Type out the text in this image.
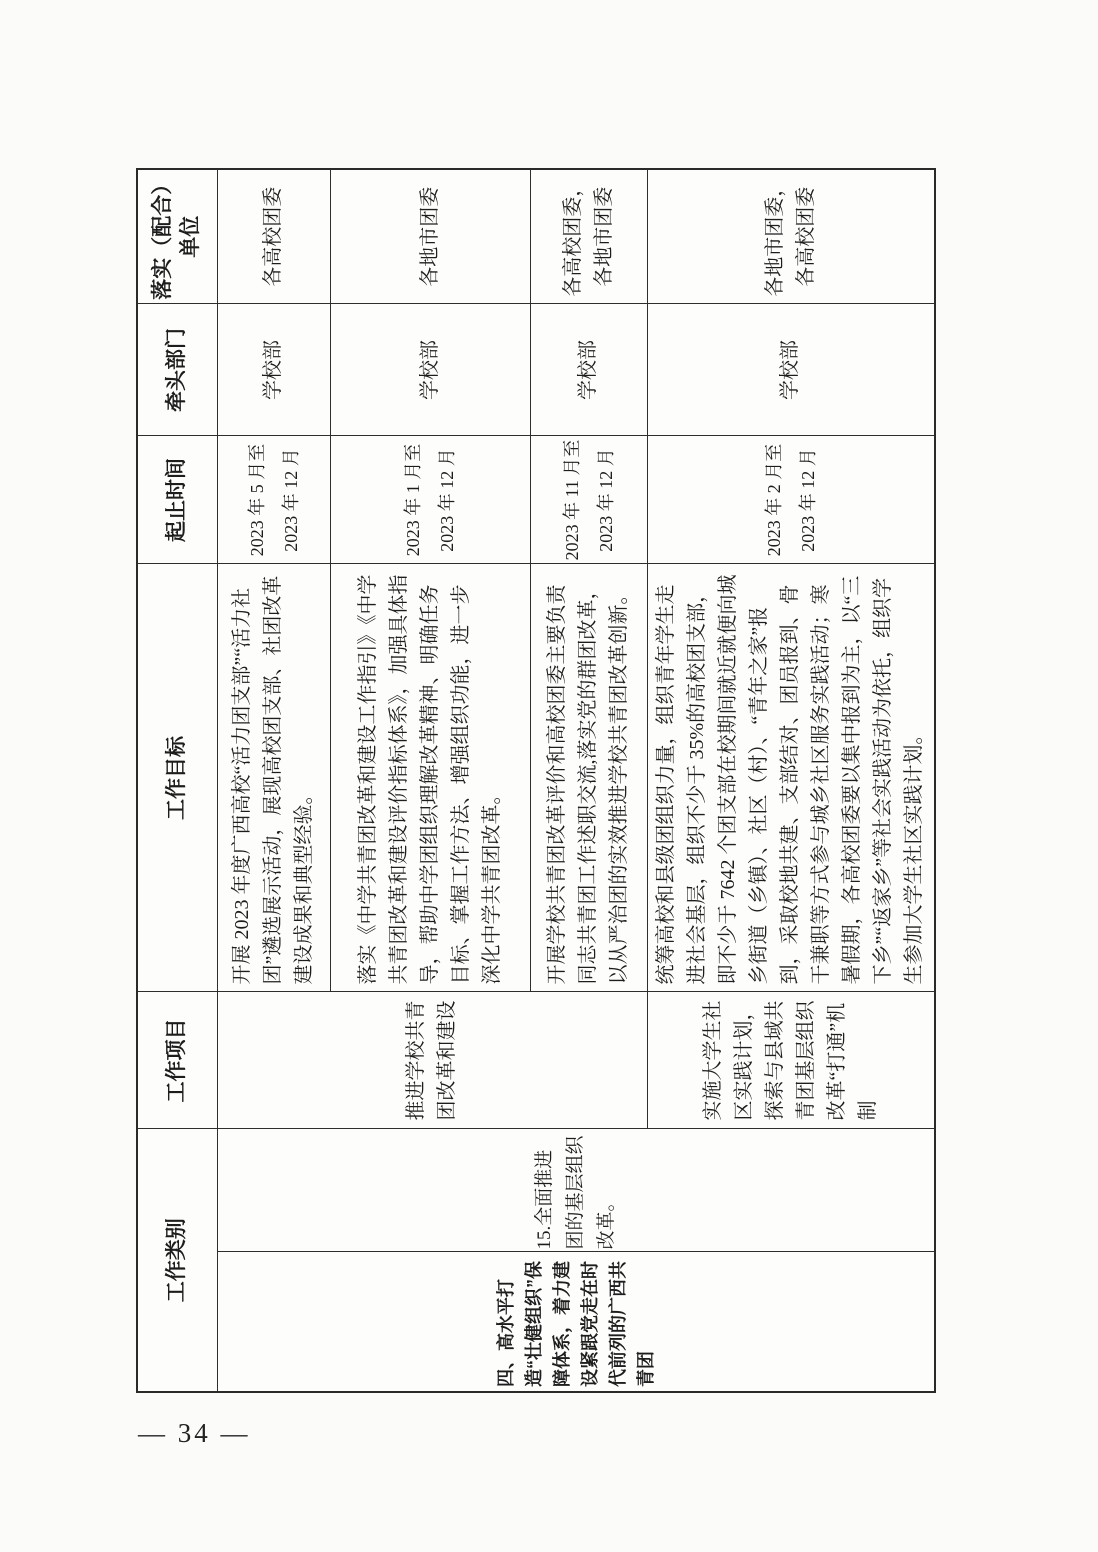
工作类别		工作项目	工作目标	起止时间	牵头部门	落实（配合）单位
四、高水平打造“壮健组织”保障体系，着力建设紧跟党走在时代前列的广西共青团	15.全面推进团的基层组织改革。	推进学校共青团改革和建设	开展 2023 年度广西高校“活力团支部”“活力社团”遴选展示活动，展现高校团支部、社团改革建设成果和典型经验。	2023 年 5 月至 2023 年 12 月	学校部	各高校团委
			落实《中学共青团改革和建设工作指引》《中学共青团改革和建设评价指标体系》，加强具体指导，帮助中学团组织理解改革精神、明确任务目标、掌握工作方法、增强组织功能，进一步深化中学共青团改革。	2023 年 1 月至 2023 年 12 月	学校部	各地市团委
			开展学校共青团改革评价和高校团委主要负责同志共青团工作述职交流,落实党的群团改革，以从严治团的实效推进学校共青团改革创新。	2023 年 11 月至 2023 年 12 月	学校部	各高校团委，各地市团委
		实施大学生社区实践计划，探索与县域共青团基层组织改革“打通”机制	统筹高校和县级团组织力量，组织青年学生走进社会基层，组织不少于 35%的高校团支部，即不少于 7642 个团支部在校期间就近就便向城乡街道（乡镇）、社区（村）、“青年之家”报到，采取校地共建、支部结对、团员报到、骨干兼职等方式参与城乡社区服务实践活动；寒暑假期，各高校团委要以集中报到为主，以“三下乡”“返家乡”等社会实践活动为依托，组织学生参加大学生社区实践计划。	2023 年 2 月至 2023 年 12 月	学校部	各地市团委，各高校团委
— 34 —
